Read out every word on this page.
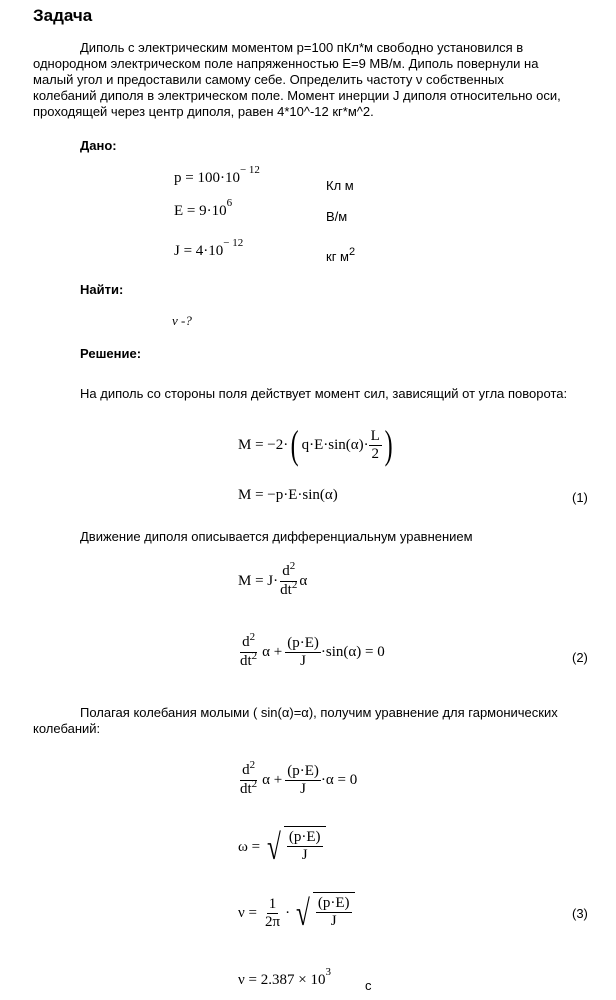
Задача
Диполь с электрическим моментом р=100 пКл*м свободно установился в
однородном электрическом поле напряженностью Е=9 МВ/м. Диполь повернули на
малый угол и предоставили самому себе. Определить частоту ν собственных
колебаний диполя в электрическом поле. Момент инерции J диполя относительно оси,
проходящей через центр диполя, равен 4*10^-12 кг*м^2.
Дано:
$p = 100\cdot 10^{- 12}$
Кл м
$E = 9\cdot 10^6$
В/м
$J = 4\cdot 10^{- 12}$
кг $м^2$
Найти:
ν -?
Решение:
На диполь со стороны поля действует момент сил, зависящий от угла поворота:
M = −2· ( $q\cdot E\cdot\sin(\alpha)\cdot \frac{L}{2}$ )
M = −p·E·sin(α)	(1)
Движение диполя описывается дифференциальнум уравнением
$M = J\cdot \frac{d^2}{dt^2}$ α
$\frac{d^2}{dt^2}$ $\alpha + \frac{(p\cdot E)}{J} \cdot\sin(\alpha) = 0$	(2)
Полагая колебания молыми ( sin(α)=α), получим уравнение для гармонических
колебаний:
$\frac{d^2}{dt^2}$ $\alpha + \frac{(p\cdot E)}{J} \cdot\alpha = 0$
ω = √ $\frac{(p\cdot E)}{J}$
$\nu = \frac{1}{2\pi}$ · √ $\frac{(p\cdot E)}{J}$	(3)
$\nu = 2.387 \times 10^3$
c
